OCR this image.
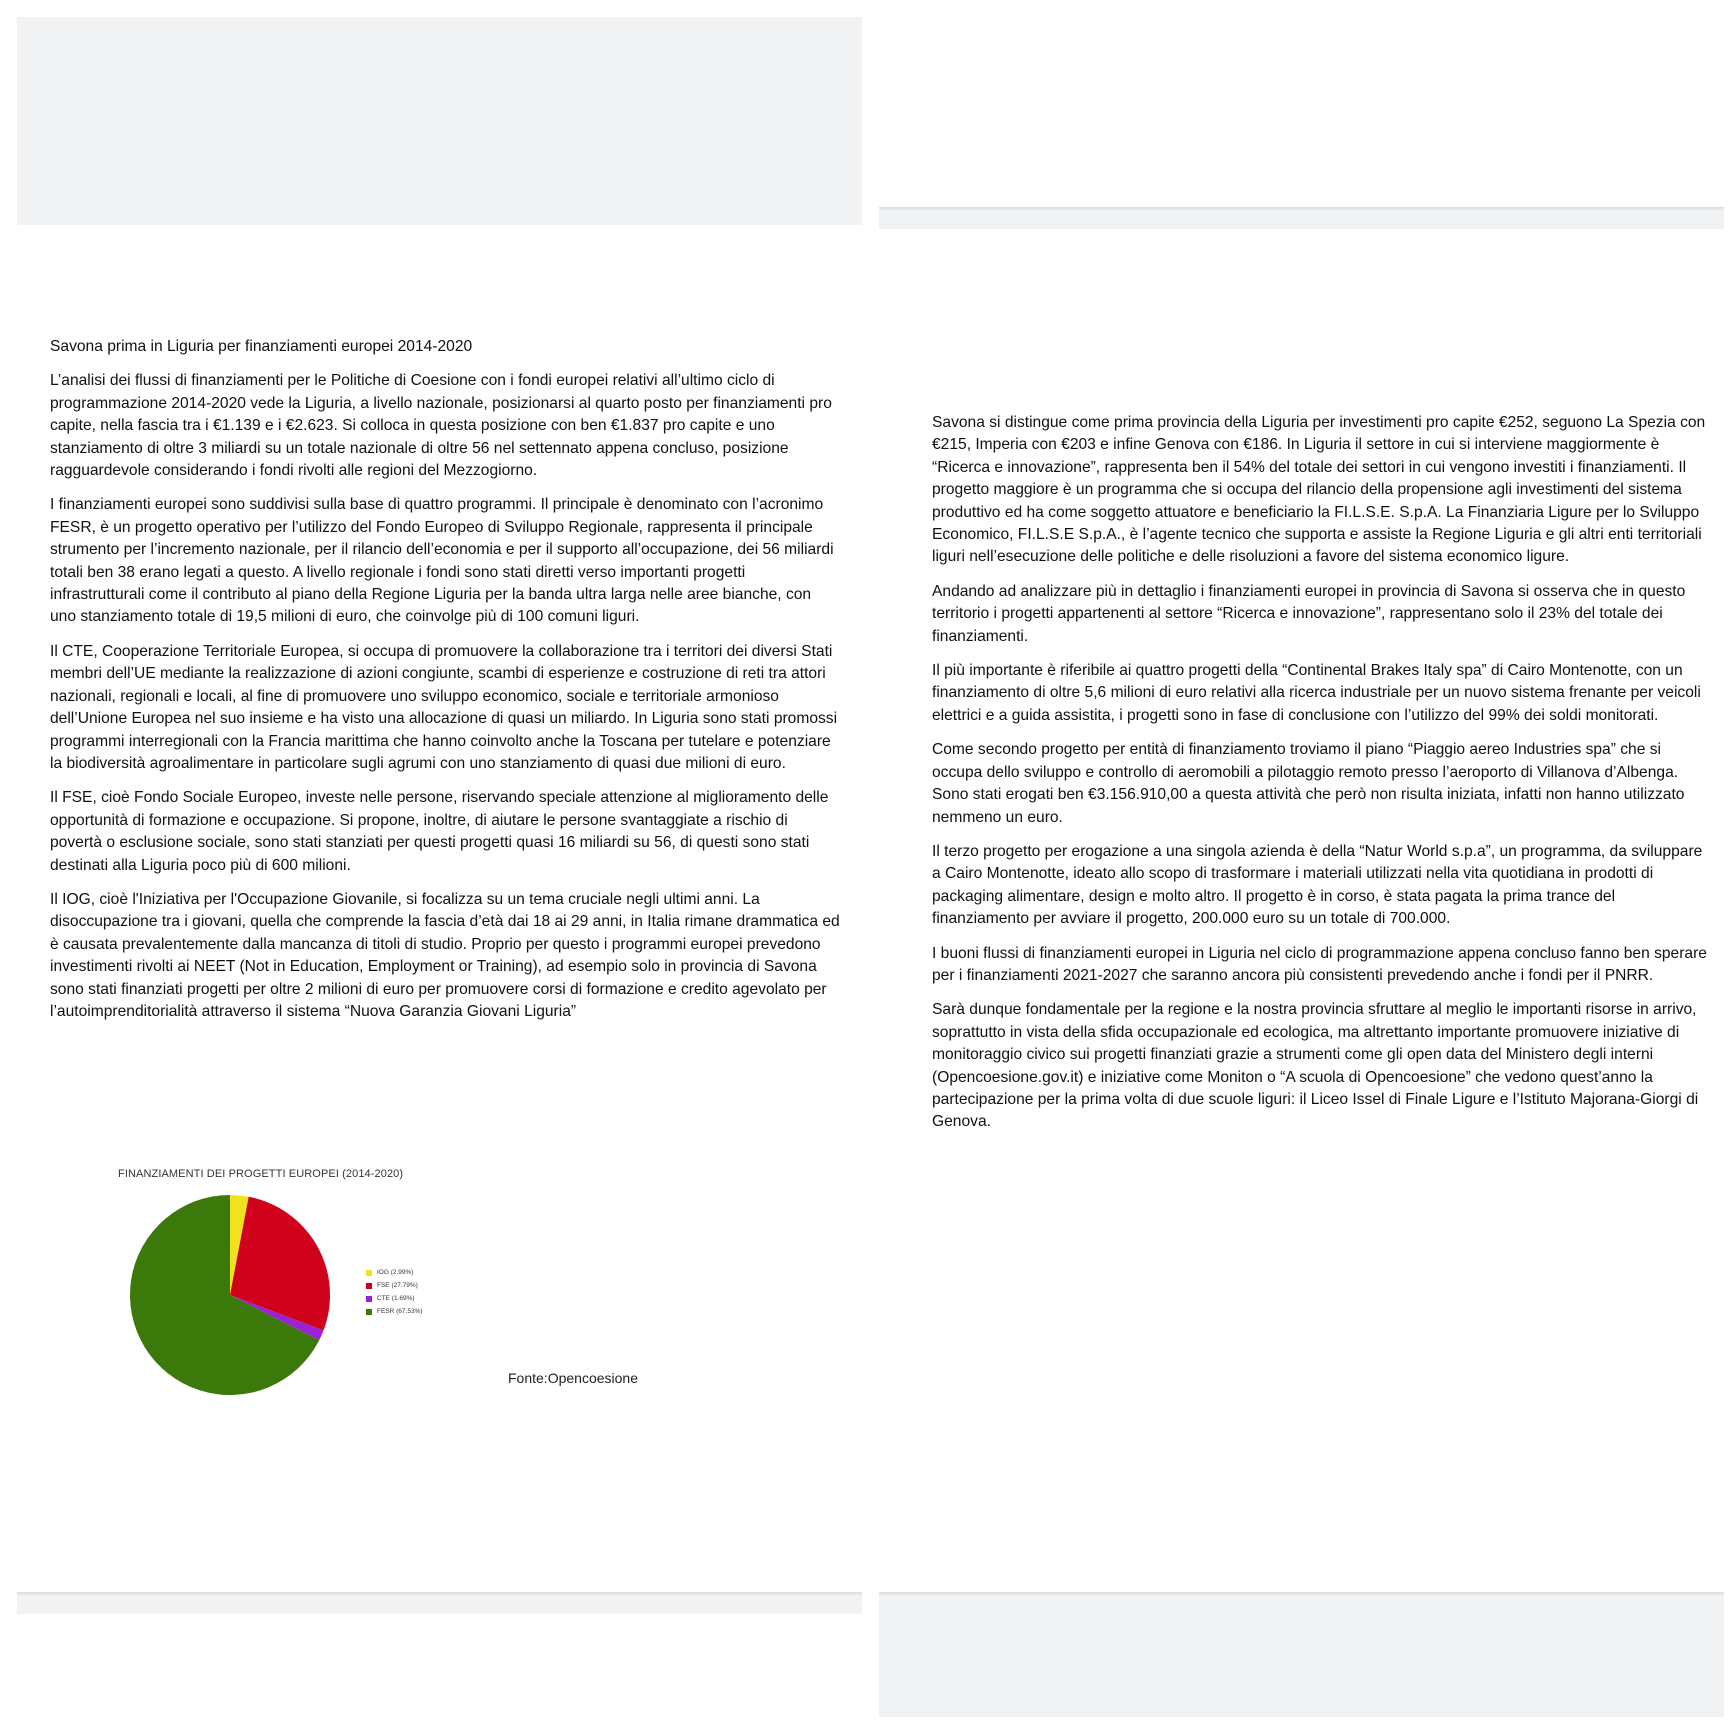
Savona prima in Liguria per finanziamenti europei 2014-2020

L’analisi dei flussi di finanziamenti per le Politiche di Coesione con i fondi europei relativi all’ultimo ciclo di programmazione 2014-2020 vede la Liguria, a livello nazionale, posizionarsi al quarto posto per finanziamenti pro capite, nella fascia tra i €1.139 e i €2.623. Si colloca in questa posizione con ben €1.837 pro capite e uno stanziamento di oltre 3 miliardi su un totale nazionale di oltre 56 nel settennato appena concluso, posizione ragguardevole considerando i fondi rivolti alle regioni del Mezzogiorno.

I finanziamenti europei sono suddivisi sulla base di quattro programmi. Il principale è denominato con l’acronimo FESR, è un progetto operativo per l’utilizzo del Fondo Europeo di Sviluppo Regionale, rappresenta il principale strumento per l’incremento nazionale, per il rilancio dell’economia e per il supporto all’occupazione, dei 56 miliardi totali ben 38 erano legati a questo. A livello regionale i fondi sono stati diretti verso importanti progetti infrastrutturali come il contributo al piano della Regione Liguria per la banda ultra larga nelle aree bianche, con uno stanziamento totale di 19,5 milioni di euro, che coinvolge più di 100 comuni liguri.

Il CTE, Cooperazione Territoriale Europea, si occupa di promuovere la collaborazione tra i territori dei diversi Stati membri dell’UE mediante la realizzazione di azioni congiunte, scambi di esperienze e costruzione di reti tra attori nazionali, regionali e locali, al fine di promuovere uno sviluppo economico, sociale e territoriale armonioso dell’Unione Europea nel suo insieme e ha visto una allocazione di quasi un miliardo. In Liguria sono stati promossi programmi interregionali con la Francia marittima che hanno coinvolto anche la Toscana per tutelare e potenziare la biodiversità agroalimentare in particolare sugli agrumi con uno stanziamento di quasi due milioni di euro.

Il FSE, cioè Fondo Sociale Europeo, investe nelle persone, riservando speciale attenzione al miglioramento delle opportunità di formazione e occupazione. Si propone, inoltre, di aiutare le persone svantaggiate a rischio di povertà o esclusione sociale, sono stati stanziati per questi progetti quasi 16 miliardi su 56, di questi sono stati destinati alla Liguria poco più di 600 milioni.

Il IOG, cioè l'Iniziativa per l'Occupazione Giovanile, si focalizza su un tema cruciale negli ultimi anni. La disoccupazione tra i giovani, quella che comprende la fascia d’età dai 18 ai 29 anni, in Italia rimane drammatica ed è causata prevalentemente dalla mancanza di titoli di studio. Proprio per questo i programmi europei prevedono investimenti rivolti ai NEET (Not in Education, Employment or Training), ad esempio solo in provincia di Savona sono stati finanziati progetti per oltre 2 milioni di euro per promuovere corsi di formazione e credito agevolato per l’autoimprenditorialità attraverso il sistema “Nuova Garanzia Giovani Liguria”

FINANZIAMENTI DEI PROGETTI EUROPEI (2014-2020)
IOG (2.99%)
FSE (27.79%)
CTE (1.69%)
FESR (67.53%)
Fonte:Opencoesione

Savona si distingue come prima provincia della Liguria per investimenti pro capite €252, seguono La Spezia con €215, Imperia con €203 e infine Genova con €186. In Liguria il settore in cui si interviene maggiormente è “Ricerca e innovazione”, rappresenta ben il 54% del totale dei settori in cui vengono investiti i finanziamenti. Il progetto maggiore è un programma che si occupa del rilancio della propensione agli investimenti del sistema produttivo ed ha come soggetto attuatore e beneficiario la FI.L.S.E. S.p.A. La Finanziaria Ligure per lo Sviluppo Economico, FI.L.S.E S.p.A., è l’agente tecnico che supporta e assiste la Regione Liguria e gli altri enti territoriali liguri nell’esecuzione delle politiche e delle risoluzioni a favore del sistema economico ligure.

Andando ad analizzare più in dettaglio i finanziamenti europei in provincia di Savona si osserva che in questo territorio i progetti appartenenti al settore “Ricerca e innovazione”, rappresentano solo il 23% del totale dei finanziamenti.

Il più importante è riferibile ai quattro progetti della “Continental Brakes Italy spa” di Cairo Montenotte, con un finanziamento di oltre 5,6 milioni di euro relativi alla ricerca industriale per un nuovo sistema frenante per veicoli elettrici e a guida assistita, i progetti sono in fase di conclusione con l’utilizzo del 99% dei soldi monitorati.

Come secondo progetto per entità di finanziamento troviamo il piano “Piaggio aereo Industries spa” che si occupa dello sviluppo e controllo di aeromobili a pilotaggio remoto presso l’aeroporto di Villanova d’Albenga. Sono stati erogati ben €3.156.910,00 a questa attività che però non risulta iniziata, infatti non hanno utilizzato nemmeno un euro.

Il terzo progetto per erogazione a una singola azienda è della “Natur World s.p.a”, un programma, da sviluppare a Cairo Montenotte, ideato allo scopo di trasformare i materiali utilizzati nella vita quotidiana in prodotti di packaging alimentare, design e molto altro. Il progetto è in corso, è stata pagata la prima trance del finanziamento per avviare il progetto, 200.000 euro su un totale di 700.000.

I buoni flussi di finanziamenti europei in Liguria nel ciclo di programmazione appena concluso fanno ben sperare per i finanziamenti 2021-2027 che saranno ancora più consistenti prevedendo anche i fondi per il PNRR.

Sarà dunque fondamentale per la regione e la nostra provincia sfruttare al meglio le importanti risorse in arrivo, soprattutto in vista della sfida occupazionale ed ecologica, ma altrettanto importante promuovere iniziative di monitoraggio civico sui progetti finanziati grazie a strumenti come gli open data del Ministero degli interni (Opencoesione.gov.it) e iniziative come Moniton o “A scuola di Opencoesione” che vedono quest’anno la partecipazione per la prima volta di due scuole liguri: il Liceo Issel di Finale Ligure e l’Istituto Majorana-Giorgi di Genova.
